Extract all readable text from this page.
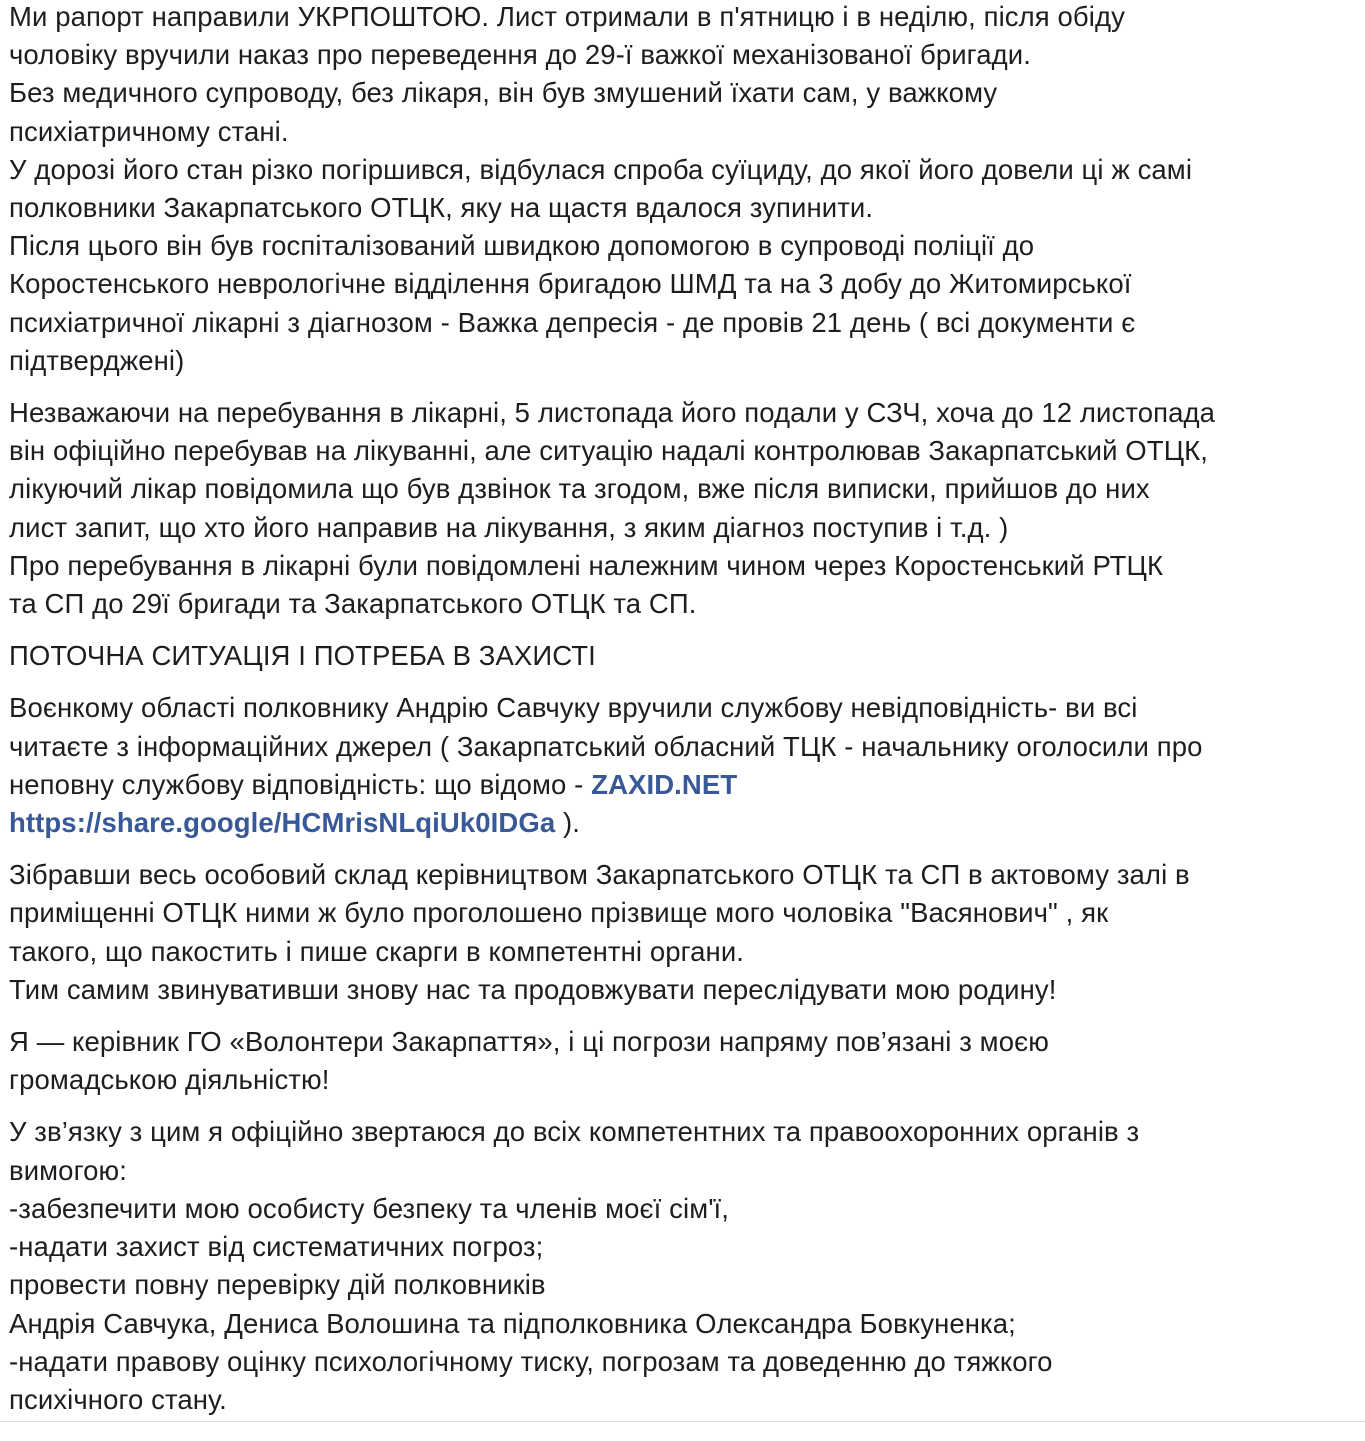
Ми рапорт направили УКРПОШТОЮ. Лист отримали в п'ятницю і в неділю, після обіду
чоловіку вручили наказ про переведення до 29-ї важкої механізованої бригади.
Без медичного супроводу, без лікаря, він був змушений їхати сам, у важкому
психіатричному стані.
У дорозі його стан різко погіршився, відбулася спроба суїциду, до якої його довели ці ж самі
полковники Закарпатського ОТЦК, яку на щастя вдалося зупинити.
Після цього він був госпіталізований швидкою допомогою в супроводі поліції до
Коростенського неврологічне відділення бригадою ШМД та на 3 добу до Житомирської
психіатричної лікарні з діагнозом - Важка депресія - де провів 21 день ( всі документи є
підтверджені)
Незважаючи на перебування в лікарні, 5 листопада його подали у СЗЧ, хоча до 12 листопада
він офіційно перебував на лікуванні, але ситуацію надалі контролював Закарпатський ОТЦК,
лікуючий лікар повідомила що був дзвінок та згодом, вже після виписки, прийшов до них
лист запит, що хто його направив на лікування, з яким діагноз поступив і т.д. )
Про перебування в лікарні були повідомлені належним чином через Коростенський РТЦК
та СП до 29ї бригади та Закарпатського ОТЦК та СП.
ПОТОЧНА СИТУАЦІЯ І ПОТРЕБА В ЗАХИСТІ
Воєнкому області полковнику Андрію Савчуку вручили службову невідповідність- ви всі
читаєте з інформаційних джерел ( Закарпатський обласний ТЦК - начальнику оголосили про
неповну службову відповідність: що відомо - ZAXID.NET
https://share.google/HCMrisNLqiUk0IDGa ).
Зібравши весь особовий склад керівництвом Закарпатського ОТЦК та СП в актовому залі в
приміщенні ОТЦК ними ж було проголошено прізвище мого чоловіка "Васянович" , як
такого, що пакостить і пише скарги в компетентні органи.
Тим самим звинувативши знову нас та продовжувати переслідувати мою родину!
Я — керівник ГО «Волонтери Закарпаття», і ці погрози напряму пов’язані з моєю
громадською діяльністю!
У зв’язку з цим я офіційно звертаюся до всіх компетентних та правоохоронних органів з
вимогою:
-забезпечити мою особисту безпеку та членів моєї сім'ї,
-надати захист від систематичних погроз;
провести повну перевірку дій полковників
Андрія Савчука, Дениса Волошина та підполковника Олександра Бовкуненка;
-надати правову оцінку психологічному тиску, погрозам та доведенню до тяжкого
психічного стану.
